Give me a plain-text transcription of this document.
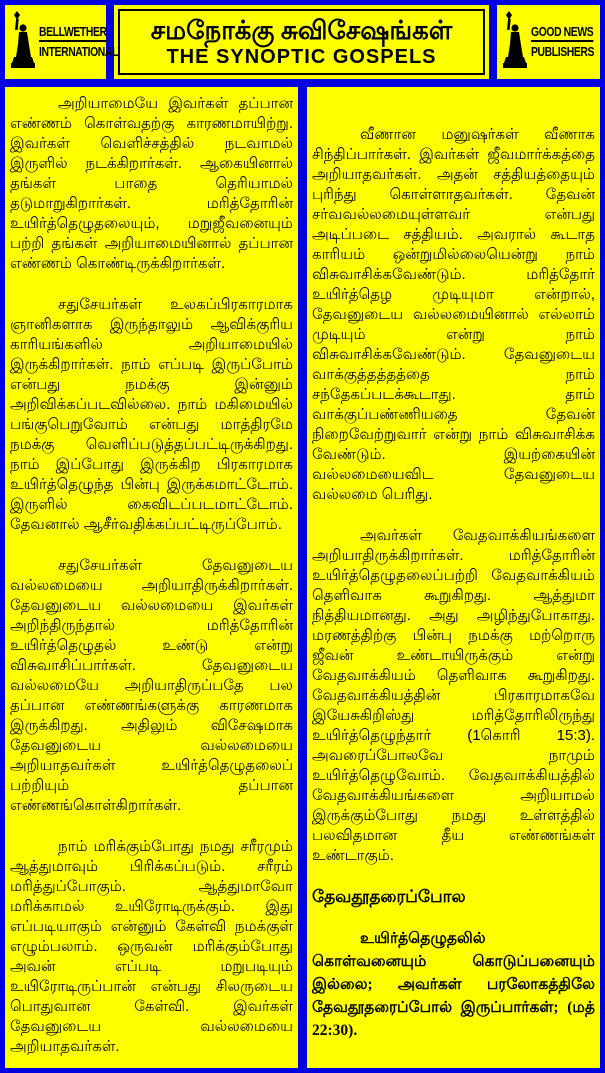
BELLWETHER
INTERNATIONAL
சமநோக்கு சுவிசேஷங்கள்
THE SYNOPTIC GOSPELS
GOOD NEWS
PUBLISHERS

அறியாமையே இவர்கள் தப்பான எண்ணம் கொள்வதற்கு காரணமாயிற்று. இவர்கள் வெளிச்சத்தில் நடவாமல் இருளில் நடக்கிறார்கள். ஆகையினால் தங்கள் பாதை தெரியாமல் தடுமாறுகிறார்கள். மரித்தோரின் உயிர்த்தெழுதலையும், மறுஜீவனையும் பற்றி தங்கள் அறியாமையினால் தப்பான எண்ணம் கொண்டிருக்கிறார்கள்.

சதுசேயர்கள் உலகப்பிரகாரமாக ஞானிகளாக இருந்தாலும் ஆவிக்குரிய காரியங்களில் அறியாமையில் இருக்கிறார்கள். நாம் எப்படி இருப்போம் என்பது நமக்கு இன்னும் அறிவிக்கப்படவில்லை. நாம் மகிமையில் பங்குபெறுவோம் என்பது மாத்திரமே நமக்கு வெளிப்படுத்தப்பட்டிருக்கிறது. நாம் இப்போது இருக்கிற பிரகாரமாக உயிர்த்தெழுந்த பின்பு இருக்கமாட்டோம். இருளில் கைவிடப்படமாட்டோம். தேவனால் ஆசீர்வதிக்கப்பட்டிருப்போம்.

சதுசேயர்கள் தேவனுடைய வல்லமையை அறியாதிருக்கிறார்கள். தேவனுடைய வல்லமையை இவர்கள் அறிந்திருந்தால் மரித்தோரின் உயிர்த்தெழுதல் உண்டு என்று விசுவாசிப்பார்கள். தேவனுடைய வல்லமையே அறியாதிருப்பதே பல தப்பான எண்ணங்களுக்கு காரணமாக இருக்கிறது. அதிலும் விசேஷமாக தேவனுடைய வல்லமையை அறியாதவர்கள் உயிர்த்தெழுதலைப் பற்றியும் தப்பான எண்ணங்கொள்கிறார்கள்.

நாம் மரிக்கும்போது நமது சரீரமும் ஆத்துமாவும் பிரிக்கப்படும். சரீரம் மரித்துப்போகும். ஆத்துமாவோ மரிக்காமல் உயிரோடிருக்கும். இது எப்படியாகும் என்னும் கேள்வி நமக்குள் எழும்பலாம். ஒருவன் மரிக்கும்போது அவன் எப்படி மறுபடியும் உயிரோடிருப்பான் என்பது சிலருடைய பொதுவான கேள்வி. இவர்கள் தேவனுடைய வல்லமையை அறியாதவர்கள்.

வீணான மனுஷர்கள் வீணாக சிந்திப்பார்கள். இவர்கள் ஜீவமார்க்கத்தை அறியாதவர்கள். அதன் சத்தியத்தையும் புரிந்து கொள்ளாதவர்கள். தேவன் சர்வவல்லமையுள்ளவர் என்பது அடிப்படை சத்தியம். அவரால் கூடாத காரியம் ஒன்றுமில்லையென்று நாம் விசுவாசிக்கவேண்டும். மரித்தோர் உயிர்த்தெழ முடியுமா என்றால், தேவனுடைய வல்லமையினால் எல்லாம் முடியும் என்று நாம் விசுவாசிக்கவேண்டும். தேவனுடைய வாக்குத்தத்தத்தை நாம் சந்தேகப்படக்கூடாது. தாம் வாக்குப்பண்ணியதை தேவன் நிறைவேற்றுவார் என்று நாம் விசுவாசிக்க வேண்டும். இயற்கையின் வல்லமையைவிட தேவனுடைய வல்லமை பெரிது.

அவர்கள் வேதவாக்கியங்களை அறியாதிருக்கிறார்கள். மரித்தோரின் உயிர்த்தெழுதலைப்பற்றி வேதவாக்கியம் தெளிவாக கூறுகிறது. ஆத்துமா நித்தியமானது. அது அழிந்துபோகாது. மரணத்திற்கு பின்பு நமக்கு மற்றொரு ஜீவன் உண்டாயிருக்கும் என்று வேதவாக்கியம் தெளிவாக கூறுகிறது. வேதவாக்கியத்தின் பிரகாரமாகவே இயேசுகிறிஸ்து மரித்தோரிலிருந்து உயிர்த்தெழுந்தார் (1கொரி 15:3). அவரைப்போலவே நாமும் உயிர்த்தெழுவோம். வேதவாக்கியத்தில் வேதவாக்கியங்களை அறியாமல் இருக்கும்போது நமது உள்ளத்தில் பலவிதமான தீய எண்ணங்கள் உண்டாகும்.

தேவதூதரைப்போல

உயிர்த்தெழுதலில் கொள்வனையும் கொடுப்பனையும் இல்லை; அவர்கள் பரலோகத்திலே தேவதூதரைப்போல் இருப்பார்கள்; (மத் 22:30).
